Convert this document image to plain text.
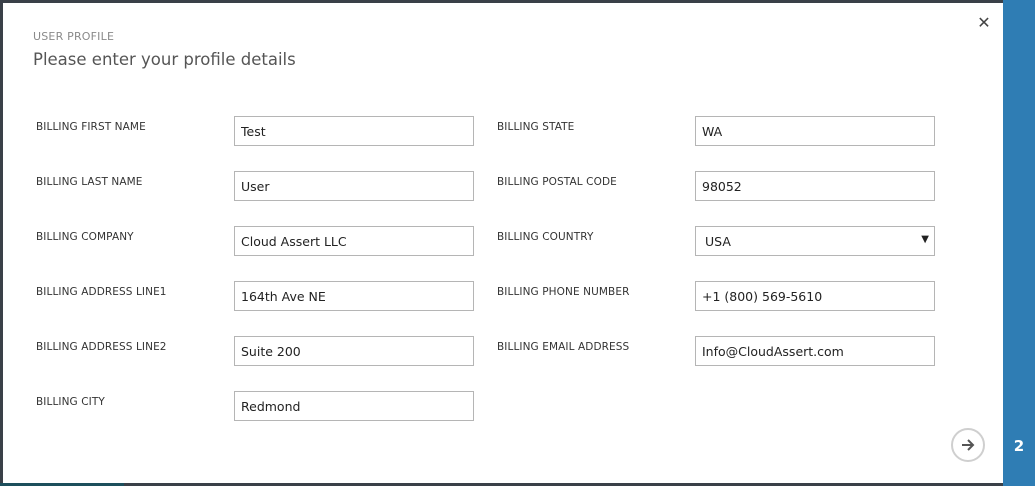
USER PROFILE
Please enter your profile details
✕
BILLING FIRST NAME
Test
BILLING LAST NAME
User
BILLING COMPANY
Cloud Assert LLC
BILLING ADDRESS LINE1
164th Ave NE
BILLING ADDRESS LINE2
Suite 200
BILLING CITY
Redmond
BILLING STATE
WA
BILLING POSTAL CODE
98052
BILLING COUNTRY	USA	▼
BILLING PHONE NUMBER
+1 (800) 569-5610
BILLING EMAIL ADDRESS
Info@CloudAssert.com
2
